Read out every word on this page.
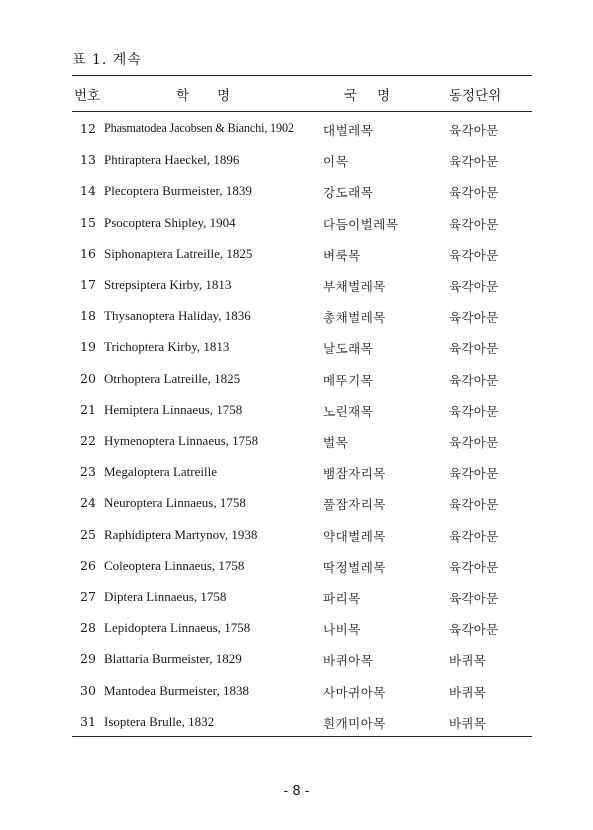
표 1. 계속
번호	학명	국명	동정단위
12 Phasmatodea Jacobsen & Bianchi, 1902 대벌레목	육각아문
13 Phtiraptera Haeckel, 1896	이목	육각아문
14 Plecoptera Burmeister, 1839	강도래목	육각아문
15 Psocoptera Shipley, 1904	다듬이벌레목	육각아문
16 Siphonaptera Latreille, 1825	벼룩목	육각아문
17 Strepsiptera Kirby, 1813	부채벌레목	육각아문
18 Thysanoptera Haliday, 1836	총채벌레목	육각아문
19 Trichoptera Kirby, 1813	날도래목	육각아문
20 Otrhoptera Latreille, 1825	메뚜기목	육각아문
21 Hemiptera Linnaeus, 1758	노린재목	육각아문
22 Hymenoptera Linnaeus, 1758	벌목	육각아문
23 Megaloptera Latreille	뱀잠자리목	육각아문
24 Neuroptera Linnaeus, 1758	풀잠자리목	육각아문
25 Raphidiptera Martynov, 1938	약대벌레목	육각아문
26 Coleoptera Linnaeus, 1758	딱정벌레목	육각아문
27 Diptera Linnaeus, 1758	파리목	육각아문
28 Lepidoptera Linnaeus, 1758	나비목	육각아문
29 Blattaria Burmeister, 1829	바퀴아목	바퀴목
30 Mantodea Burmeister, 1838	사마귀아목	바퀴목
31 Isoptera Brulle, 1832	흰개미아목	바퀴목
- 8 -
